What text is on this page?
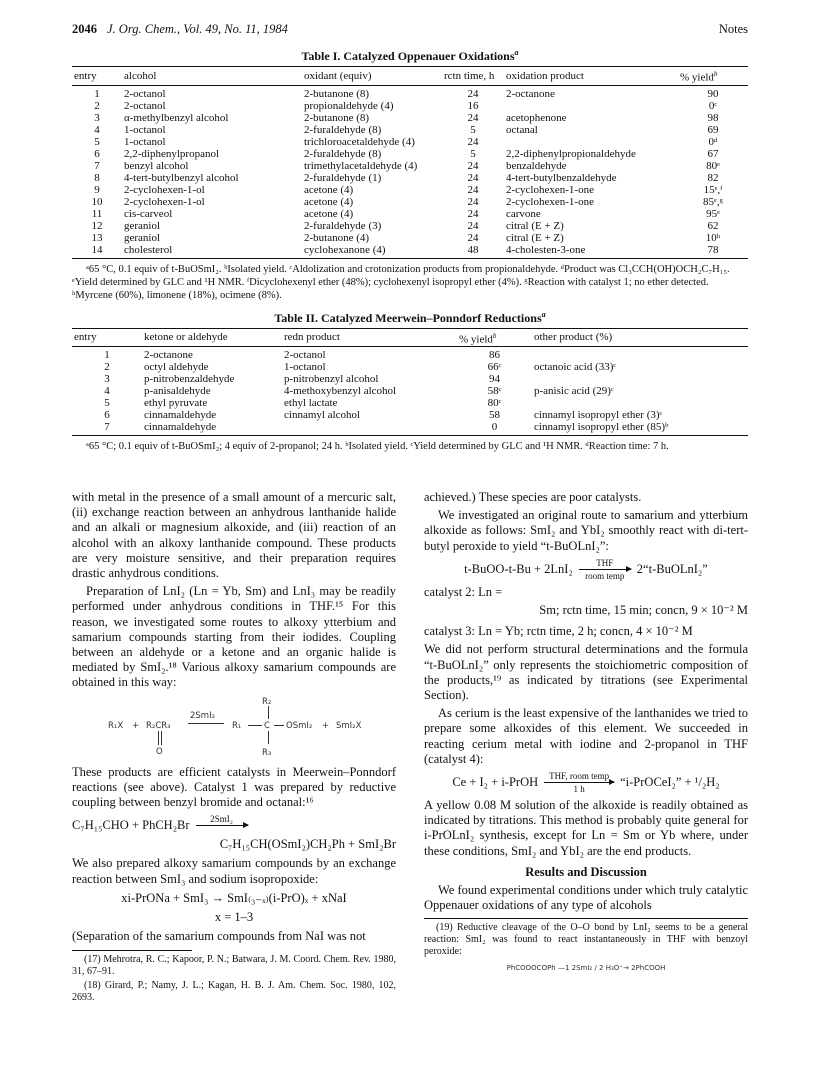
2046 J. Org. Chem., Vol. 49, No. 11, 1984	Notes
Table I. Catalyzed Oppenauer Oxidations$^a$
entry	alcohol	oxidant (equiv)	rctn time, h	oxidation product	% yield$^b$
1	2-octanol	2-butanone (8)	24	2-octanone	90
2	2-octanol	propionaldehyde (4)	16		0ᶜ
3	α-methylbenzyl alcohol	2-butanone (8)	24	acetophenone	98
4	1-octanol	2-furaldehyde (8)	5	octanal	69
5	1-octanol	trichloroacetaldehyde (4)	24		0ᵈ
6	2,2-diphenylpropanol	2-furaldehyde (8)	5	2,2-diphenylpropionaldehyde	67
7	benzyl alcohol	trimethylacetaldehyde (4)	24	benzaldehyde	80ᵉ
8	4-tert-butylbenzyl alcohol	2-furaldehyde (1)	24	4-tert-butylbenzaldehyde	82
9	2-cyclohexen-1-ol	acetone (4)	24	2-cyclohexen-1-one	15ᵉ,ᶠ
10	2-cyclohexen-1-ol	acetone (4)	24	2-cyclohexen-1-one	85ᵉ,ᵍ
11	cis-carveol	acetone (4)	24	carvone	95ᵉ
12	geraniol	2-furaldehyde (3)	24	citral (E + Z)	62
13	geraniol	2-butanone (4)	24	citral (E + Z)	10ʰ
14	cholesterol	cyclohexanone (4)	48	4-cholesten-3-one	78
ᵃ65 °C, 0.1 equiv of t-BuOSmI₂. ᵇIsolated yield. ᶜAldolization and crotonization products from propionaldehyde. ᵈProduct was Cl₃CCH(OH)OCH₂C₇H₁₅. ᵉYield determined by GLC and ¹H NMR. ᶠDicyclohexenyl ether (48%); cyclohexenyl isopropyl ether (4%). ᵍReaction with catalyst 1; no ether detected. ʰMyrcene (60%), limonene (18%), ocimene (8%).
Table II. Catalyzed Meerwein–Ponndorf Reductions$^a$
entry	ketone or aldehyde	redn product	% yield$^b$	other product (%)
1	2-octanone	2-octanol	86	
2	octyl aldehyde	1-octanol	66ᶜ	octanoic acid (33)ᶜ
3	p-nitrobenzaldehyde	p-nitrobenzyl alcohol	94	
4	p-anisaldehyde	4-methoxybenzyl alcohol	58ᶜ	p-anisic acid (29)ᶜ
5	ethyl pyruvate	ethyl lactate	80ᶜ	
6	cinnamaldehyde	cinnamyl alcohol	58	cinnamyl isopropyl ether (3)ᶜ
7	cinnamaldehyde		0	cinnamyl isopropyl ether (85)ᵇ
ᵃ65 °C; 0.1 equiv of t-BuOSmI₂; 4 equiv of 2-propanol; 24 h. ᵇIsolated yield. ᶜYield determined by GLC and ¹H NMR. ᵈReaction time: 7 h.

with metal in the presence of a small amount of a mercuric salt, (ii) exchange reaction between an anhydrous lanthanide halide and an alkali or magnesium alkoxide, and (iii) reaction of an alcohol with an alkoxy lanthanide compound. These products are very moisture sensitive, and their preparation requires drastic anhydrous conditions.

Preparation of LnI₂ (Ln = Yb, Sm) and LnI₃ may be readily performed under anhydrous conditions in THF.¹⁵ For this reason, we investigated some routes to alkoxy ytterbium and samarium compounds starting from their iodides. Coupling between an aldehyde or a ketone and an organic halide is mediated by SmI₂.¹⁸ Various alkoxy samarium compounds are obtained in this way:

R₁X + R₂CR₃
O
2SmI₂
R₁	C
R₂
R₃
OSmI₂ + SmI₂X

These products are efficient catalysts in Meerwein–Ponndorf reactions (see above). Catalyst 1 was prepared by reductive coupling between benzyl bromide and octanal:¹⁶

C₇H₁₅CHO + PhCH₂Br 2SmI₂

C₇H₁₅CH(OSmI₂)CH₂Ph + SmI₂Br

We also prepared alkoxy samarium compounds by an exchange reaction between SmI₃ and sodium isopropoxide:

xi-PrONa + SmI₃ → SmI₍₃₋ₓ₎(i-PrO)ₓ + xNaI
x = 1–3

(Separation of the samarium compounds from NaI was not

(17) Mehrotra, R. C.; Kapoor, P. N.; Batwara, J. M. Coord. Chem. Rev. 1980, 31, 67–91.

(18) Girard, P.; Namy, J. L.; Kagan, H. B. J. Am. Chem. Soc. 1980, 102, 2693.

achieved.) These species are poor catalysts.

We investigated an original route to samarium and ytterbium alkoxide as follows: SmI₂ and YbI₂ smoothly react with di-tert-butyl peroxide to yield “t-BuOLnI₂”:

t-BuOO-t-Bu + 2LnI₂	THF
room temp
2“t-BuOLnI₂”

catalyst 2: Ln =

Sm; rctn time, 15 min; concn, 9 × 10⁻² M

catalyst 3: Ln = Yb; rctn time, 2 h; concn, 4 × 10⁻² M

We did not perform structural determinations and the formula “t-BuOLnI₂” only represents the stoichiometric composition of the products,¹⁹ as indicated by titrations (see Experimental Section).

As cerium is the least expensive of the lanthanides we tried to prepare some alkoxides of this element. We succeeded in reacting cerium metal with iodine and 2-propanol in THF (catalyst 4):

Ce + I₂ + i-PrOH THF, room temp
1 h
“i-PrOCeI₂” + ¹/₂H₂

A yellow 0.08 M solution of the alkoxide is readily obtained as indicated by titrations. This method is probably quite general for i-PrOLnI₂ synthesis, except for Ln = Sm or Yb where, under these conditions, SmI₂ and YbI₂ are the end products.

Results and Discussion

We found experimental conditions under which truly catalytic Oppenauer oxidations of any type of alcohols

(19) Reductive cleavage of the O–O bond by LnI₂ seems to be a general reaction: SmI₂ was found to react instantaneously in THF with benzoyl peroxide:

PhCOOOCOPh —1 2SmI₂ / 2 H₃O⁺→ 2PhCOOH
